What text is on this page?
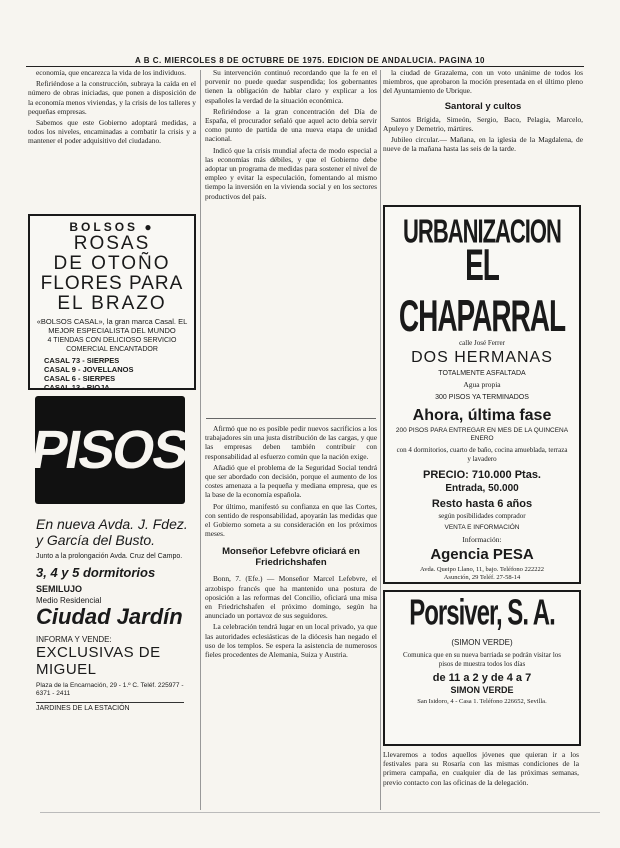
A B C. MIERCOLES 8 DE OCTUBRE DE 1975. EDICION DE ANDALUCIA. PAGINA 10

economía, que encarezca la vida de los individuos.

Refiriéndose a la construcción, subraya la caída en el número de obras iniciadas, que ponen a disposición de la economía menos viviendas, y la crisis de los talleres y pequeñas empresas.

Sabemos que este Gobierno adoptará medidas, a todos los niveles, encaminadas a combatir la crisis y a mantener el poder adquisitivo del ciudadano.

BOLSOS ●
ROSAS
DE OTOÑO
FLORES PARA
EL BRAZO
«BOLSOS CASAL», la gran marca Casal. EL MEJOR ESPECIALISTA DEL MUNDO
4 TIENDAS CON DELICIOSO SERVICIO COMERCIAL ENCANTADOR
CASAL 73 - SIERPES
CASAL 9 - JOVELLANOS
CASAL 6 - SIERPES
CASAL 13 - RIOJA
PISOS
En nueva Avda. J. Fdez. y García del Busto.
Junto a la prolongación Avda. Cruz del Campo.
3, 4 y 5 dormitorios
SEMILUJO
Medio Residencial
Ciudad Jardín
INFORMA Y VENDE:
EXCLUSIVAS DE MIGUEL
Plaza de la Encarnación, 29 - 1.º C. Teléf. 225977 - 6371 - 2411
JARDINES DE LA ESTACIÓN

Su intervención continuó recordando que la fe en el porvenir no puede quedar suspendida; los gobernantes tienen la obligación de hablar claro y explicar a los españoles la verdad de la situación económica.

Refiriéndose a la gran concentración del Día de España, el procurador señaló que aquel acto debía servir como punto de partida de una nueva etapa de unidad nacional.

Indicó que la crisis mundial afecta de modo especial a las economías más débiles, y que el Gobierno debe adoptar un programa de medidas para sostener el nivel de empleo y evitar la especulación, fomentando al mismo tiempo la inversión en la vivienda social y en los sectores productivos del país.

Afirmó que no es posible pedir nuevos sacrificios a los trabajadores sin una justa distribución de las cargas, y que las empresas deben también contribuir con responsabilidad al esfuerzo común que la nación exige.

Añadió que el problema de la Seguridad Social tendrá que ser abordado con decisión, porque el aumento de los costes amenaza a la pequeña y mediana empresa, que es la base de la economía española.

Por último, manifestó su confianza en que las Cortes, con sentido de responsabilidad, apoyarán las medidas que el Gobierno someta a su consideración en los próximos meses.

Monseñor Lefebvre oficiará en Friedrichshafen

Bonn, 7. (Efe.) — Monseñor Marcel Lefebvre, el arzobispo francés que ha mantenido una postura de oposición a las reformas del Concilio, oficiará una misa en Friedrichshafen el próximo domingo, según ha anunciado un portavoz de sus seguidores.

La celebración tendrá lugar en un local privado, ya que las autoridades eclesiásticas de la diócesis han negado el uso de los templos. Se espera la asistencia de numerosos fieles procedentes de Alemania, Suiza y Austria.

la ciudad de Grazalema, con un voto unánime de todos los miembros, que aprobaron la moción presentada en el último pleno del Ayuntamiento de Ubrique.

Santoral y cultos

Santos Brígida, Simeón, Sergio, Baco, Pelagia, Marcelo, Apuleyo y Demetrio, mártires.

Jubileo circular.— Mañana, en la iglesia de la Magdalena, de nueve de la mañana hasta las seis de la tarde.

URBANIZACION
EL CHAPARRAL
calle José Ferrer
DOS HERMANAS
TOTALMENTE ASFALTADA
Agua propia
300 PISOS YA TERMINADOS
Ahora, última fase
200 PISOS PARA ENTREGAR EN MES DE LA QUINCENA ENERO
con 4 dormitorios, cuarto de baño, cocina amueblada, terraza y lavadero
PRECIO: 710.000 Ptas.
Entrada, 50.000
Resto hasta 6 años
según posibilidades comprador
VENTA E INFORMACIÓN
Información:
Agencia PESA
Avda. Queipo Llano, 11, bajo. Teléfono 222222
Asunción, 29 Teléf. 27-58-14
Porsiver, S. A.
(SIMON VERDE)
Comunica que en su nueva barriada se podrán visitar los pisos de muestra todos los días
de 11 a 2 y de 4 a 7
SIMON VERDE
San Isidoro, 4 - Casa 1. Teléfono 226652, Sevilla.
Llevaremos a todos aquellos jóvenes que quieran ir a los festivales para su Rosaría con las mismas condiciones de la primera campaña, en cualquier día de las próximas semanas, previo contacto con las oficinas de la delegación.
